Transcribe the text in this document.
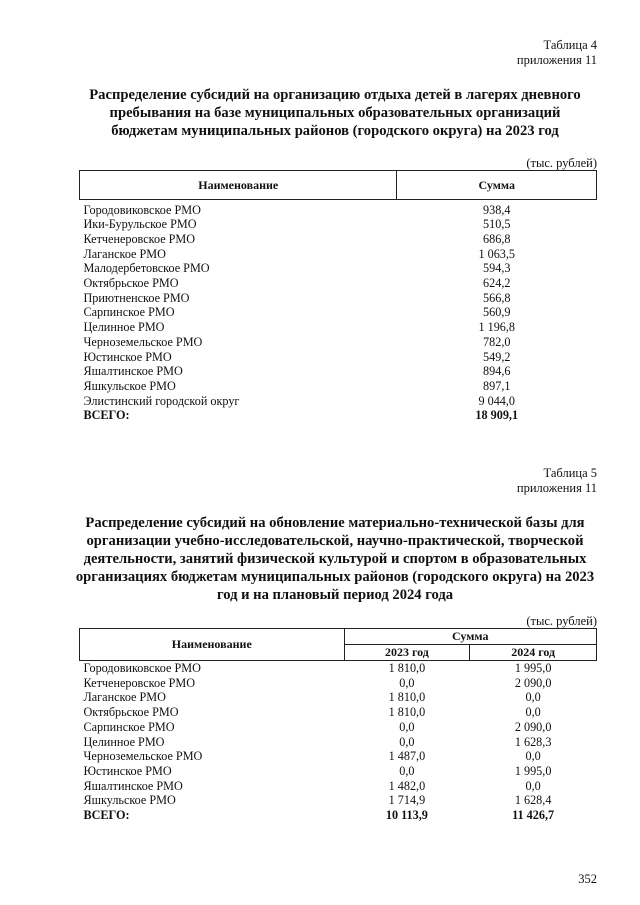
Таблица 4
приложения 11
Распределение субсидий на организацию отдыха детей в лагерях дневного пребывания на базе муниципальных образовательных организаций бюджетам муниципальных районов (городского округа) на 2023 год
(тыс. рублей)
Наименование	Сумма

Городовиковское РМО	938,4
Ики-Бурульское РМО	510,5
Кетченеровское РМО	686,8
Лаганское РМО	1 063,5
Малодербетовское РМО	594,3
Октябрьское РМО	624,2
Приютненское РМО	566,8
Сарпинское РМО	560,9
Целинное РМО	1 196,8
Черноземельское РМО	782,0
Юстинское РМО	549,2
Яшалтинское РМО	894,6
Яшкульское РМО	897,1
Элистинский городской округ	9 044,0
ВСЕГО:	18 909,1
Таблица 5
приложения 11
Распределение субсидий на обновление материально-технической базы для организации учебно-исследовательской, научно-практической, творческой деятельности, занятий физической культурой и спортом в образовательных организациях бюджетам муниципальных районов (городского округа) на 2023 год и на плановый период 2024 года
(тыс. рублей)
Наименование	Сумма	
	2023 год	2024 год
Городовиковское РМО	1 810,0	1 995,0
Кетченеровское РМО	0,0	2 090,0
Лаганское РМО	1 810,0	0,0
Октябрьское РМО	1 810,0	0,0
Сарпинское РМО	0,0	2 090,0
Целинное РМО	0,0	1 628,3
Черноземельское РМО	1 487,0	0,0
Юстинское РМО	0,0	1 995,0
Яшалтинское РМО	1 482,0	0,0
Яшкульское РМО	1 714,9	1 628,4
ВСЕГО:	10 113,9	11 426,7
352
